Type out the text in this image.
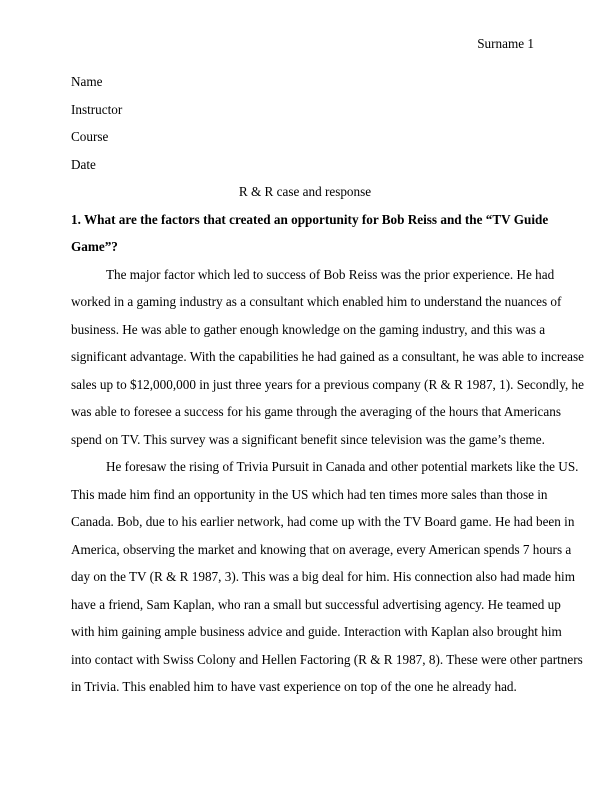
Surname 1
Name
Instructor
Course
Date
R & R case and response
1. What are the factors that created an opportunity for Bob Reiss and the “TV Guide
Game”?
The major factor which led to success of Bob Reiss was the prior experience. He had
worked in a gaming industry as a consultant which enabled him to understand the nuances of
business. He was able to gather enough knowledge on the gaming industry, and this was a
significant advantage. With the capabilities he had gained as a consultant, he was able to increase
sales up to $12,000,000 in just three years for a previous company (R & R 1987, 1). Secondly, he
was able to foresee a success for his game through the averaging of the hours that Americans
spend on TV. This survey was a significant benefit since television was the game’s theme.
He foresaw the rising of Trivia Pursuit in Canada and other potential markets like the US.
This made him find an opportunity in the US which had ten times more sales than those in
Canada. Bob, due to his earlier network, had come up with the TV Board game. He had been in
America, observing the market and knowing that on average, every American spends 7 hours a
day on the TV (R & R 1987, 3). This was a big deal for him. His connection also had made him
have a friend, Sam Kaplan, who ran a small but successful advertising agency. He teamed up
with him gaining ample business advice and guide. Interaction with Kaplan also brought him
into contact with Swiss Colony and Hellen Factoring (R & R 1987, 8). These were other partners
in Trivia. This enabled him to have vast experience on top of the one he already had.
